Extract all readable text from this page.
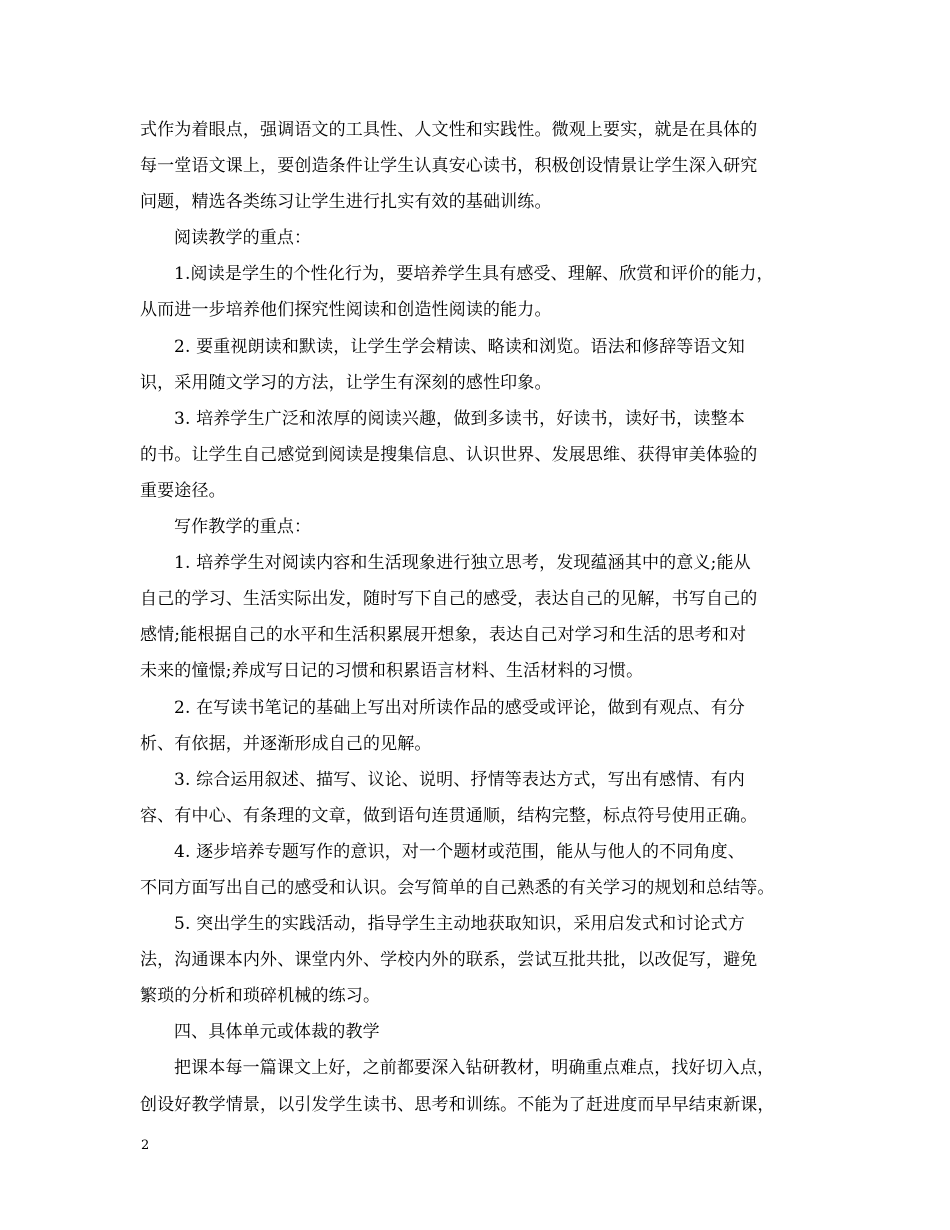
式作为着眼点，强调语文的工具性、人文性和实践性。微观上要实，就是在具体的
每一堂语文课上，要创造条件让学生认真安心读书，积极创设情景让学生深入研究
问题，精选各类练习让学生进行扎实有效的基础训练。
阅读教学的重点：
1.阅读是学生的个性化行为，要培养学生具有感受、理解、欣赏和评价的能力，
从而进一步培养他们探究性阅读和创造性阅读的能力。
2. 要重视朗读和默读，让学生学会精读、略读和浏览。语法和修辞等语文知
识，采用随文学习的方法，让学生有深刻的感性印象。
3. 培养学生广泛和浓厚的阅读兴趣，做到多读书，好读书，读好书，读整本
的书。让学生自己感觉到阅读是搜集信息、认识世界、发展思维、获得审美体验的
重要途径。
写作教学的重点：
1. 培养学生对阅读内容和生活现象进行独立思考，发现蕴涵其中的意义;能从
自己的学习、生活实际出发，随时写下自己的感受，表达自己的见解，书写自己的
感情;能根据自己的水平和生活积累展开想象，表达自己对学习和生活的思考和对
未来的憧憬;养成写日记的习惯和积累语言材料、生活材料的习惯。
2. 在写读书笔记的基础上写出对所读作品的感受或评论，做到有观点、有分
析、有依据，并逐渐形成自己的见解。
3. 综合运用叙述、描写、议论、说明、抒情等表达方式，写出有感情、有内
容、有中心、有条理的文章，做到语句连贯通顺，结构完整，标点符号使用正确。
4. 逐步培养专题写作的意识，对一个题材或范围，能从与他人的不同角度、
不同方面写出自己的感受和认识。会写简单的自己熟悉的有关学习的规划和总结等。
5. 突出学生的实践活动，指导学生主动地获取知识，采用启发式和讨论式方
法，沟通课本内外、课堂内外、学校内外的联系，尝试互批共批，以改促写，避免
繁琐的分析和琐碎机械的练习。
四、具体单元或体裁的教学
把课本每一篇课文上好，之前都要深入钻研教材，明确重点难点，找好切入点，
创设好教学情景，以引发学生读书、思考和训练。不能为了赶进度而早早结束新课，
2
